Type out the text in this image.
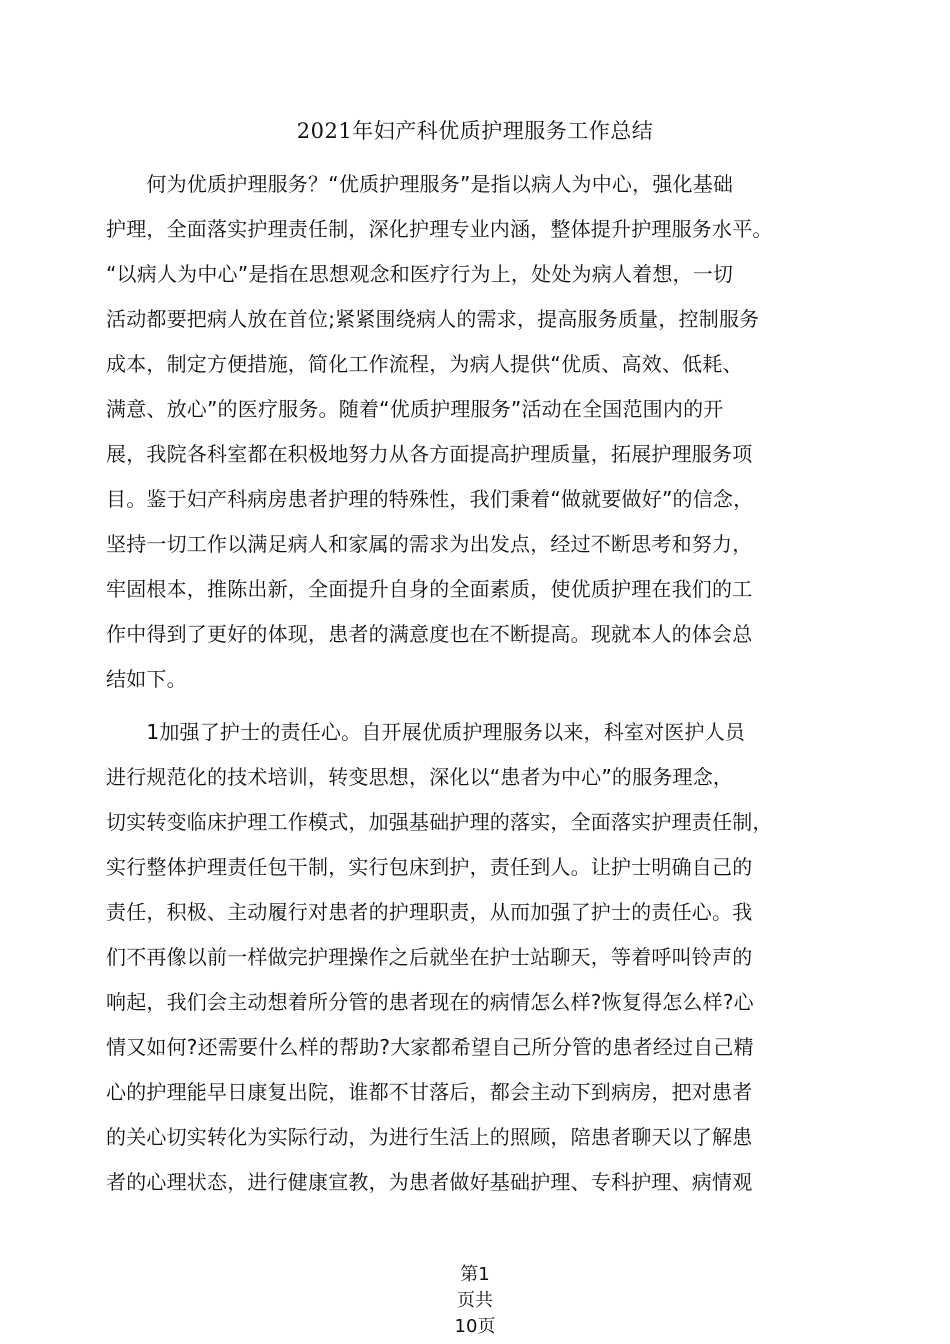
2021年妇产科优质护理服务工作总结
　　何为优质护理服务？“优质护理服务”是指以病人为中心，强化基础
护理，全面落实护理责任制，深化护理专业内涵，整体提升护理服务水平。
“以病人为中心”是指在思想观念和医疗行为上，处处为病人着想，一切
活动都要把病人放在首位;紧紧围绕病人的需求，提高服务质量，控制服务
成本，制定方便措施，简化工作流程，为病人提供“优质、高效、低耗、
满意、放心”的医疗服务。随着“优质护理服务”活动在全国范围内的开
展，我院各科室都在积极地努力从各方面提高护理质量，拓展护理服务项
目。鉴于妇产科病房患者护理的特殊性，我们秉着“做就要做好”的信念，
坚持一切工作以满足病人和家属的需求为出发点，经过不断思考和努力，
牢固根本，推陈出新，全面提升自身的全面素质，使优质护理在我们的工
作中得到了更好的体现，患者的满意度也在不断提高。现就本人的体会总
结如下。
　　1加强了护士的责任心。自开展优质护理服务以来，科室对医护人员
进行规范化的技术培训，转变思想，深化以“患者为中心”的服务理念，
切实转变临床护理工作模式，加强基础护理的落实，全面落实护理责任制，
实行整体护理责任包干制，实行包床到护，责任到人。让护士明确自己的
责任，积极、主动履行对患者的护理职责，从而加强了护士的责任心。我
们不再像以前一样做完护理操作之后就坐在护士站聊天，等着呼叫铃声的
响起，我们会主动想着所分管的患者现在的病情怎么样?恢复得怎么样?心
情又如何?还需要什么样的帮助?大家都希望自己所分管的患者经过自己精
心的护理能早日康复出院，谁都不甘落后，都会主动下到病房，把对患者
的关心切实转化为实际行动，为进行生活上的照顾，陪患者聊天以了解患
者的心理状态，进行健康宣教，为患者做好基础护理、专科护理、病情观
第1
页共
10页
